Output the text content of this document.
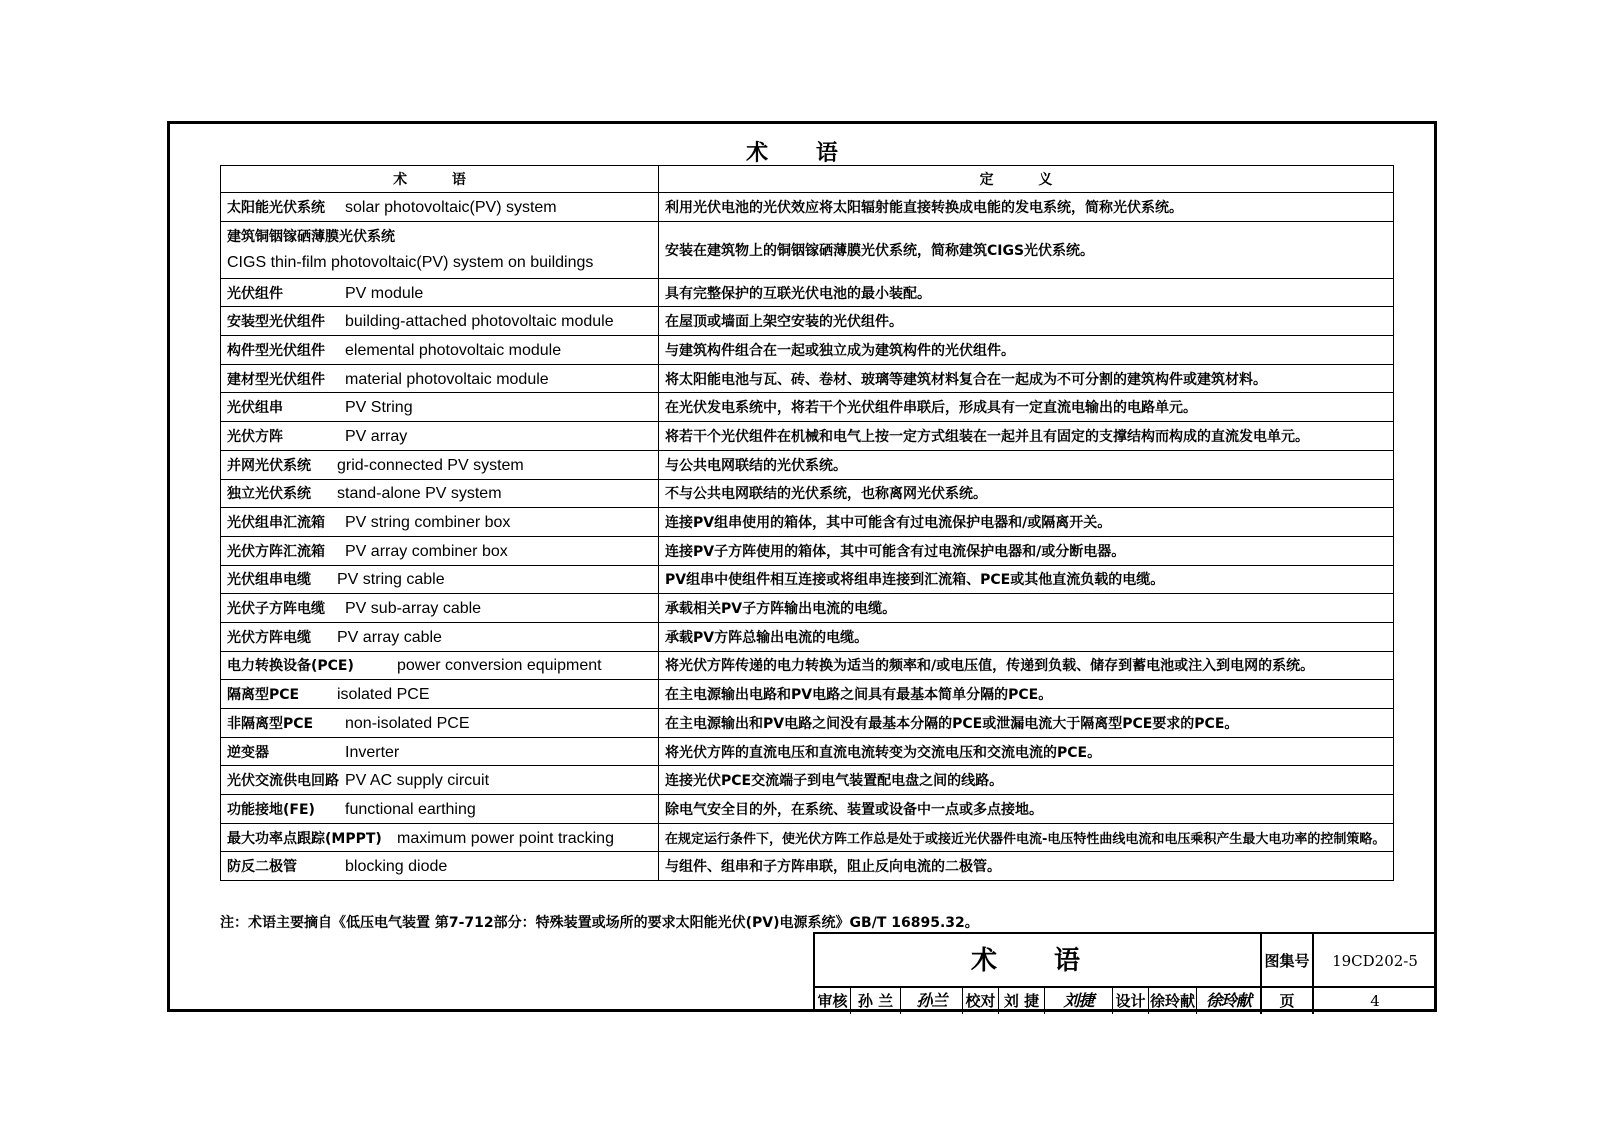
术 语
术 语	定 义
太阳能光伏系统 solar photovoltaic(PV) system	利用光伏电池的光伏效应将太阳辐射能直接转换成电能的发电系统，简称光伏系统。

建筑铜铟镓硒薄膜光伏系统
CIGS thin-film photovoltaic(PV) system on buildings	安装在建筑物上的铜铟镓硒薄膜光伏系统，简称建筑CIGS光伏系统。
光伏组件 PV module	具有完整保护的互联光伏电池的最小装配。
安装型光伏组件 building-attached photovoltaic module	在屋顶或墙面上架空安装的光伏组件。
构件型光伏组件 elemental photovoltaic module	与建筑构件组合在一起或独立成为建筑构件的光伏组件。
建材型光伏组件 material photovoltaic module	将太阳能电池与瓦、砖、卷材、玻璃等建筑材料复合在一起成为不可分割的建筑构件或建筑材料。
光伏组串 PV String	在光伏发电系统中，将若干个光伏组件串联后，形成具有一定直流电输出的电路单元。
光伏方阵 PV array	将若干个光伏组件在机械和电气上按一定方式组装在一起并且有固定的支撑结构而构成的直流发电单元。
并网光伏系统 grid-connected PV system	与公共电网联结的光伏系统。
独立光伏系统 stand-alone PV system	不与公共电网联结的光伏系统，也称离网光伏系统。
光伏组串汇流箱 PV string combiner box	连接PV组串使用的箱体，其中可能含有过电流保护电器和/或隔离开关。
光伏方阵汇流箱 PV array combiner box	连接PV子方阵使用的箱体，其中可能含有过电流保护电器和/或分断电器。
光伏组串电缆 PV string cable	PV组串中使组件相互连接或将组串连接到汇流箱、PCE或其他直流负载的电缆。
光伏子方阵电缆 PV sub-array cable	承载相关PV子方阵输出电流的电缆。
光伏方阵电缆 PV array cable	承载PV方阵总输出电流的电缆。
电力转换设备(PCE) power conversion equipment	将光伏方阵传递的电力转换为适当的频率和/或电压值，传递到负载、储存到蓄电池或注入到电网的系统。
隔离型PCE isolated PCE	在主电源输出电路和PV电路之间具有最基本简单分隔的PCE。
非隔离型PCE non-isolated PCE	在主电源输出和PV电路之间没有最基本分隔的PCE或泄漏电流大于隔离型PCE要求的PCE。
逆变器 Inverter	将光伏方阵的直流电压和直流电流转变为交流电压和交流电流的PCE。
光伏交流供电回路 PV AC supply circuit	连接光伏PCE交流端子到电气装置配电盘之间的线路。
功能接地(FE) functional earthing	除电气安全目的外，在系统、装置或设备中一点或多点接地。
最大功率点跟踪(MPPT) maximum power point tracking	在规定运行条件下，使光伏方阵工作总是处于或接近光伏器件电流-电压特性曲线电流和电压乘积产生最大电功率的控制策略。
防反二极管 blocking diode	与组件、组串和子方阵串联，阻止反向电流的二极管。
注：术语主要摘自《低压电气装置 第7-712部分：特殊装置或场所的要求太阳能光伏(PV)电源系统》GB/T 16895.32。
术 语	图集号	19CD202-5
审核 孙 兰	孙兰	校对 刘 捷	刘捷	设计 徐玲献 徐玲献	页	4
